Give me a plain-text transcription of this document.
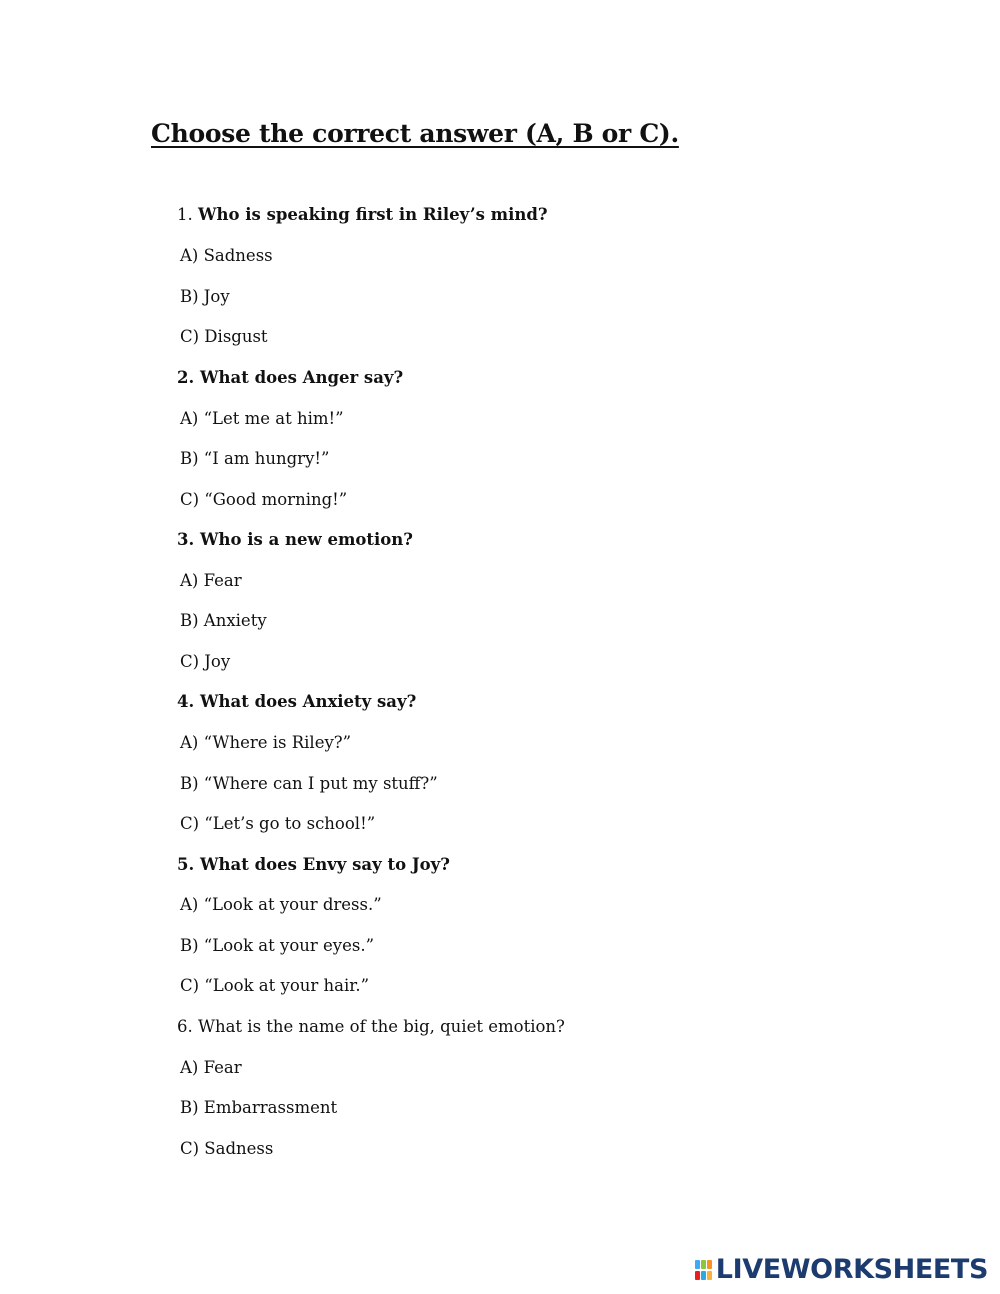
Choose the correct answer (A, B or C).

1. Who is speaking first in Riley’s mind?

A) Sadness

B) Joy

C) Disgust

2. What does Anger say?

A) “Let me at him!”

B) “I am hungry!”

C) “Good morning!”

3. Who is a new emotion?

A) Fear

B) Anxiety

C) Joy

4. What does Anxiety say?

A) “Where is Riley?”

B) “Where can I put my stuff?”

C) “Let’s go to school!”

5. What does Envy say to Joy?

A) “Look at your dress.”

B) “Look at your eyes.”

C) “Look at your hair.”

6. What is the name of the big, quiet emotion?

A) Fear

B) Embarrassment

C) Sadness

LIVEWORKSHEETS
